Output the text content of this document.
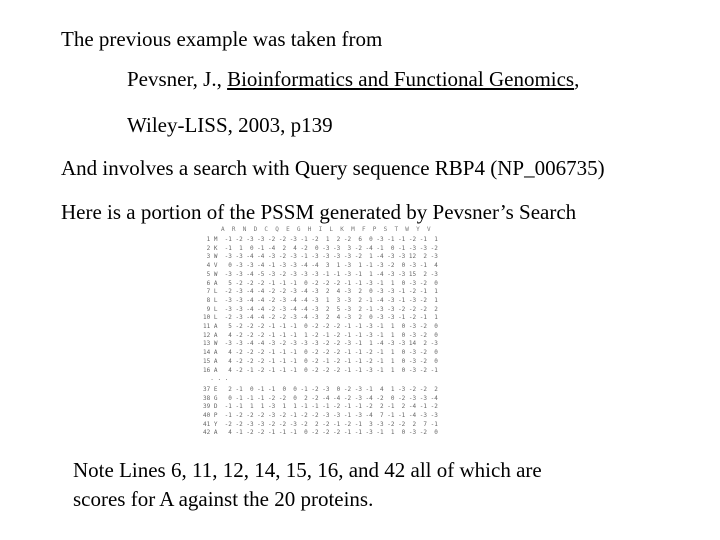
The previous example was taken from
Pevsner, J., Bioinformatics and Functional Genomics,
Wiley-LISS, 2003, p139
And involves a search with Query sequence RBP4 (NP_006735)
Here is a portion of the PSSM generated by Pevsner’s Search
A  R  N  D  C  Q  E  G  H  I  L  K  M  F  P  S  T  W  Y  V
1 M  -1 -2 -3 -3 -2 -2 -3 -1 -2  1  2 -2  6  0 -3 -1 -1 -2 -1  1
2 K  -1  1  0 -1 -4  2  4 -2  0 -3 -3  3 -2 -4 -1  0 -1 -3 -3 -2
3 W  -3 -3 -4 -4 -3 -2 -3 -1 -3 -3 -3 -3 -2  1 -4 -3 -3 12  2 -3
4 V   0 -3 -3 -4 -1 -3 -3 -4 -4  3  1 -3  1 -1 -3 -2  0 -3 -1  4
5 W  -3 -3 -4 -5 -3 -2 -3 -3 -3 -1 -1 -3 -1  1 -4 -3 -3 15  2 -3
6 A   5 -2 -2 -2 -1 -1 -1  0 -2 -2 -2 -1 -1 -3 -1  1  0 -3 -2  0
7 L  -2 -3 -4 -4 -2 -2 -3 -4 -3  2  4 -3  2  0 -3 -3 -1 -2 -1  1
8 L  -3 -3 -4 -4 -2 -3 -4 -4 -3  1  3 -3  2 -1 -4 -3 -1 -3 -2  1
9 L  -3 -3 -4 -4 -2 -3 -4 -4 -3  2  5 -3  2 -1 -3 -3 -2 -2 -2  2
10 L  -2 -3 -4 -4 -2 -2 -3 -4 -3  2  4 -3  2  0 -3 -3 -1 -2 -1  1
11 A   5 -2 -2 -2 -1 -1 -1  0 -2 -2 -2 -1 -1 -3 -1  1  0 -3 -2  0
12 A   4 -2 -2 -2 -1 -1 -1  1 -2 -1 -2 -1 -1 -3 -1  1  0 -3 -2  0
13 W  -3 -3 -4 -4 -3 -2 -3 -3 -3 -2 -2 -3 -1  1 -4 -3 -3 14  2 -3
14 A   4 -2 -2 -2 -1 -1 -1  0 -2 -2 -2 -1 -1 -2 -1  1  0 -3 -2  0
15 A   4 -2 -2 -2 -1 -1 -1  0 -2 -1 -2 -1 -1 -2 -1  1  0 -3 -2  0
16 A   4 -2 -1 -2 -1 -1 -1  0 -2 -2 -2 -1 -1 -3 -1  1  0 -3 -2 -1
. . .
37 E   2 -1  0 -1 -1  0  0 -1 -2 -3  0 -2 -3 -1  4  1 -3 -2 -2  2
38 G   0 -1 -1 -1 -2 -2  0  2 -2 -4 -4 -2 -3 -4 -2  0 -2 -3 -3 -4
39 D  -1 -1  1  1 -3  1  1 -1 -1 -1 -2 -1 -1 -2  2 -1  2 -4 -1 -2
40 P  -1 -2 -2 -2 -3 -2 -1 -2 -2 -3 -3 -1 -3 -4  7 -1 -1 -4 -3 -3
41 Y  -2 -2 -3 -3 -2 -2 -3 -2  2 -2 -1 -2 -1  3 -3 -2 -2  2  7 -1
42 A   4 -1 -2 -2 -1 -1 -1  0 -2 -2 -2 -1 -1 -3 -1  1  0 -3 -2  0
Note Lines 6, 11, 12, 14, 15, 16, and 42 all of which are
scores for A against the 20 proteins.
